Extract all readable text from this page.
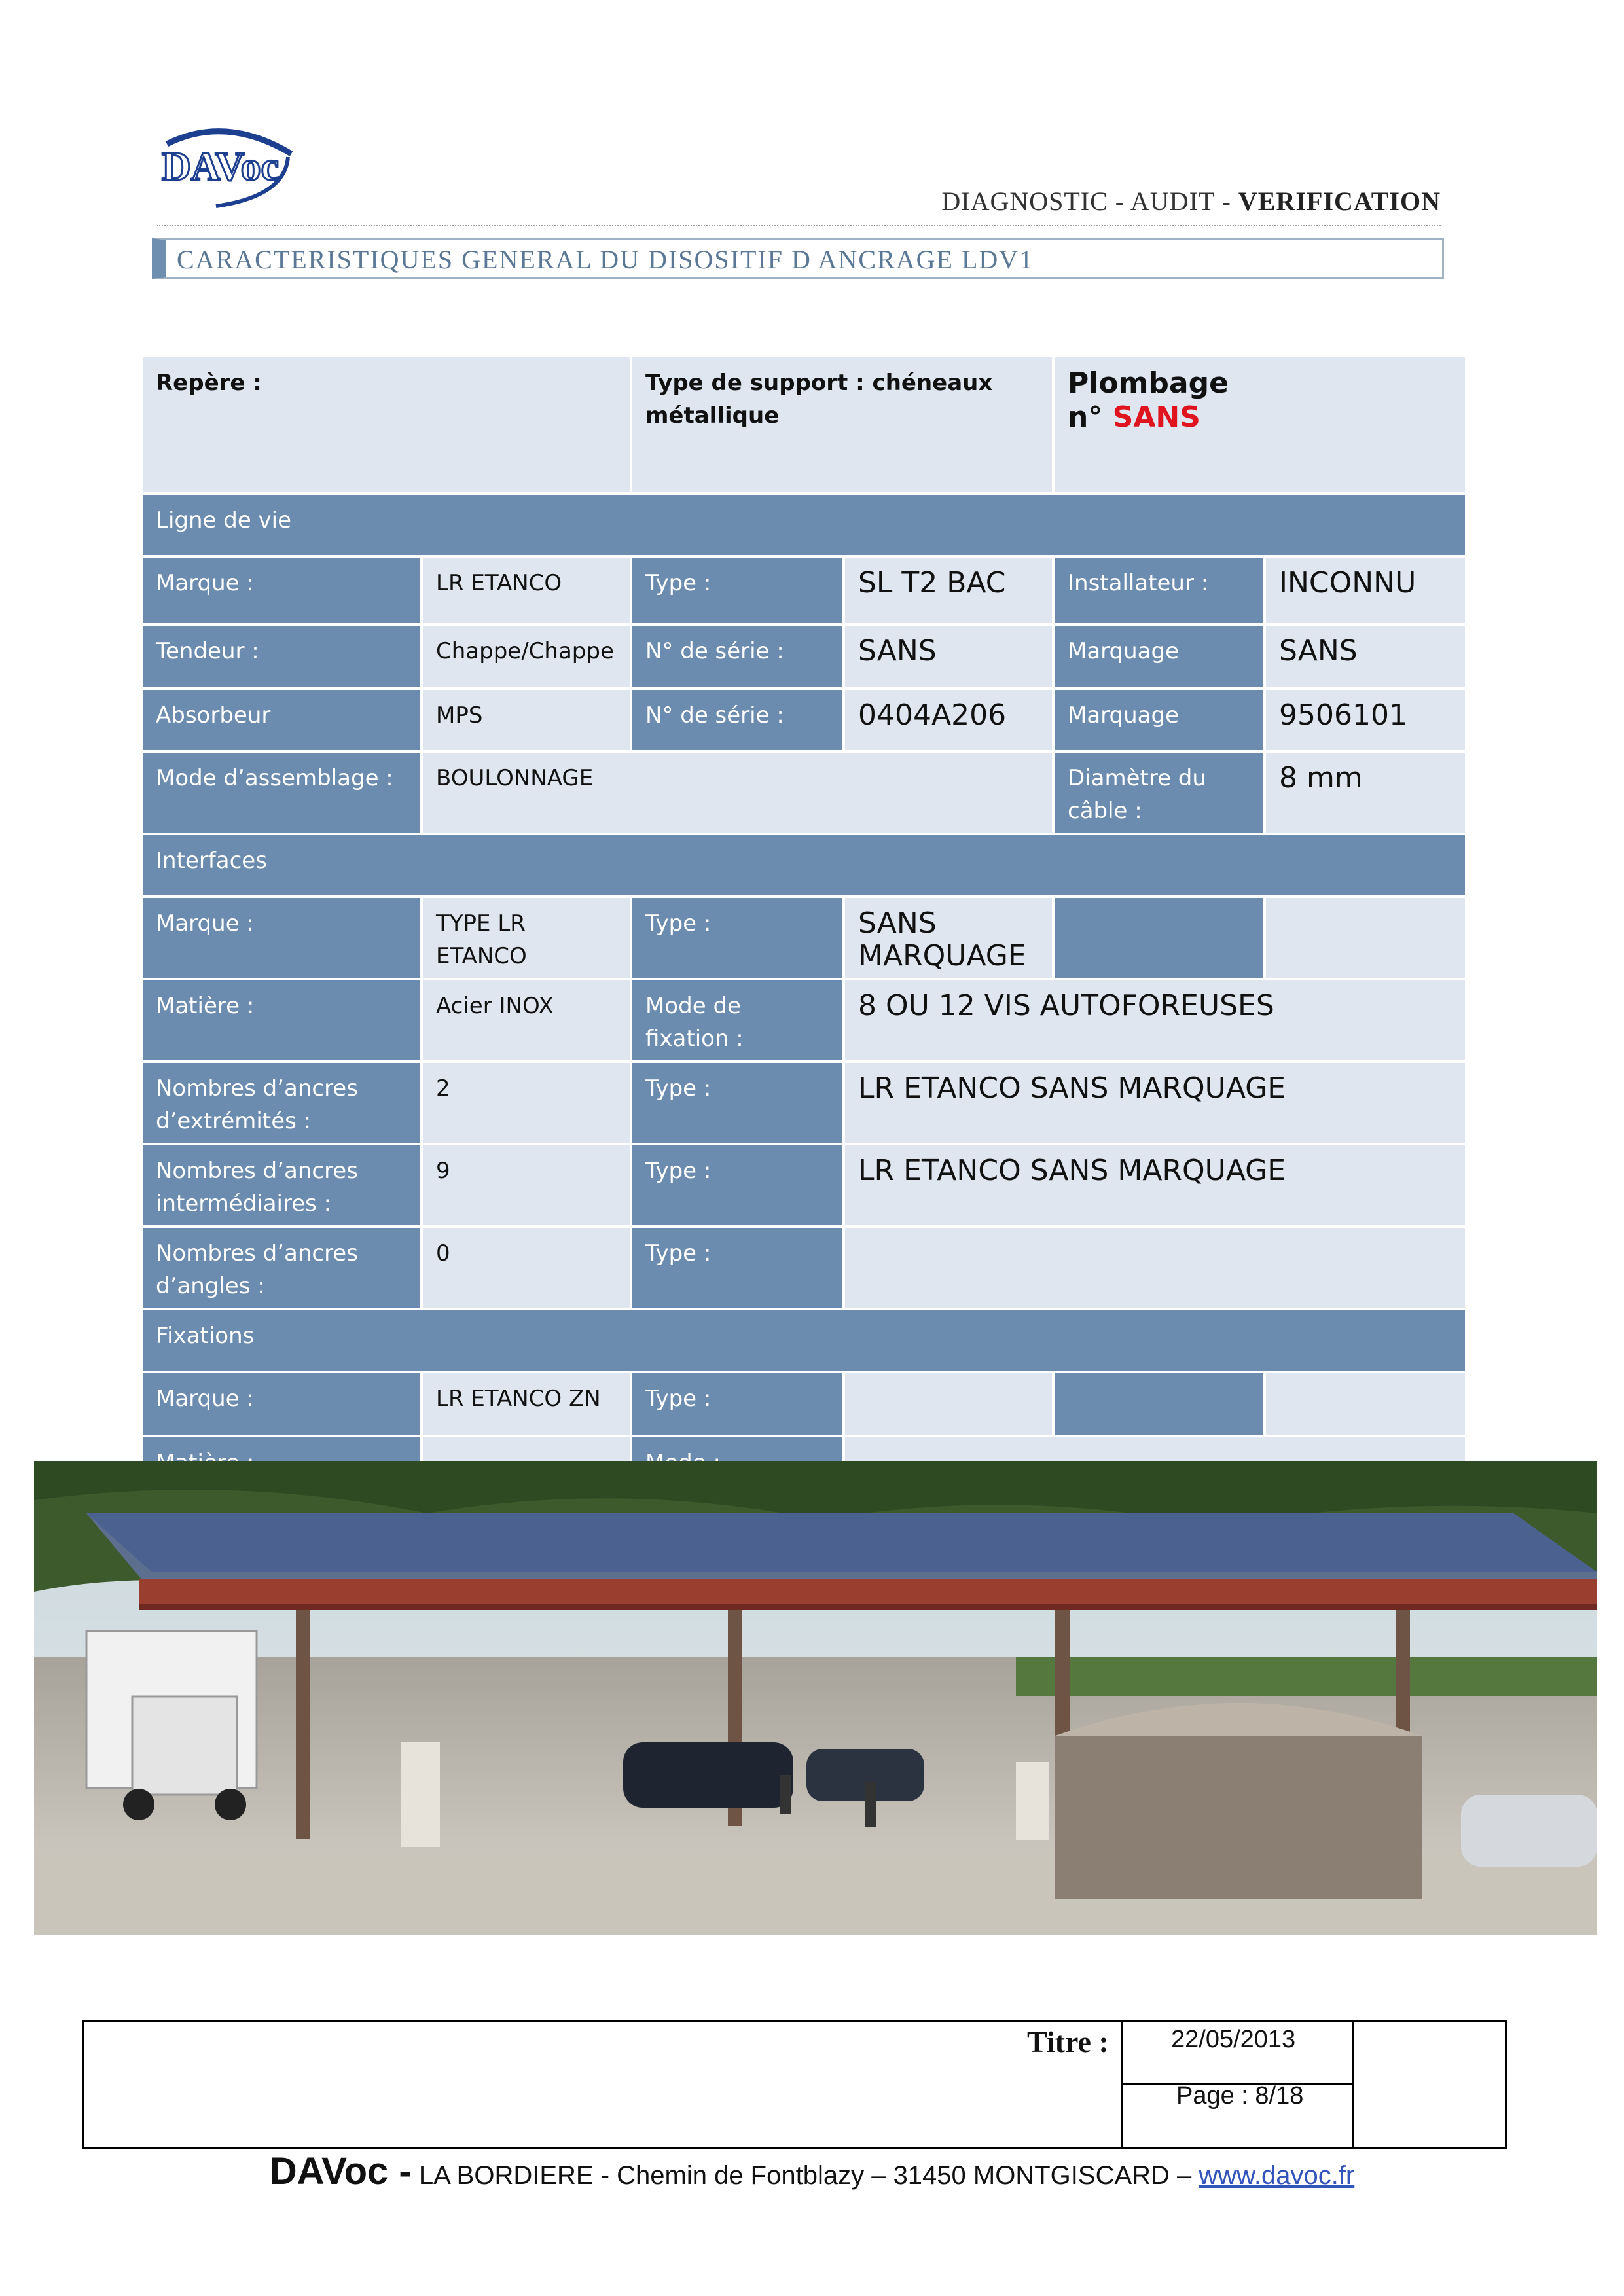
DAVoc
DIAGNOSTIC - AUDIT - VERIFICATION
CARACTERISTIQUES GENERAL DU DISOSITIF D ANCRAGE LDV1
Repère :		Type de support : chéneaux métallique		Plombage
n° SANS	

Ligne de vie					
Marque :	LR ETANCO	Type :	SL T2 BAC	Installateur :	INCONNU
Tendeur :	Chappe/Chappe	N° de série :	SANS	Marquage	SANS
Absorbeur	MPS	N° de série :	0404A206	Marquage	9506101
Mode d’assemblage :	BOULONNAGE			Diamètre du câble :	8 mm
Interfaces					
Marque :	TYPE LR ETANCO	Type :	SANS MARQUAGE		
Matière :	Acier INOX	Mode de fixation :	8 OU 12 VIS AUTOFOREUSES		
Nombres d’ancres d’extrémités :	2	Type :	LR ETANCO SANS MARQUAGE		
Nombres d’ancres intermédiaires :	9	Type :	LR ETANCO SANS MARQUAGE		
Nombres d’ancres d’angles :	0	Type :			
Fixations					
Marque :	LR ETANCO ZN	Type :			

Titre :	22/05/2013
Page : 8/18
DAVoc - LA BORDIERE - Chemin de Fontblazy – 31450 MONTGISCARD – www.davoc.fr
